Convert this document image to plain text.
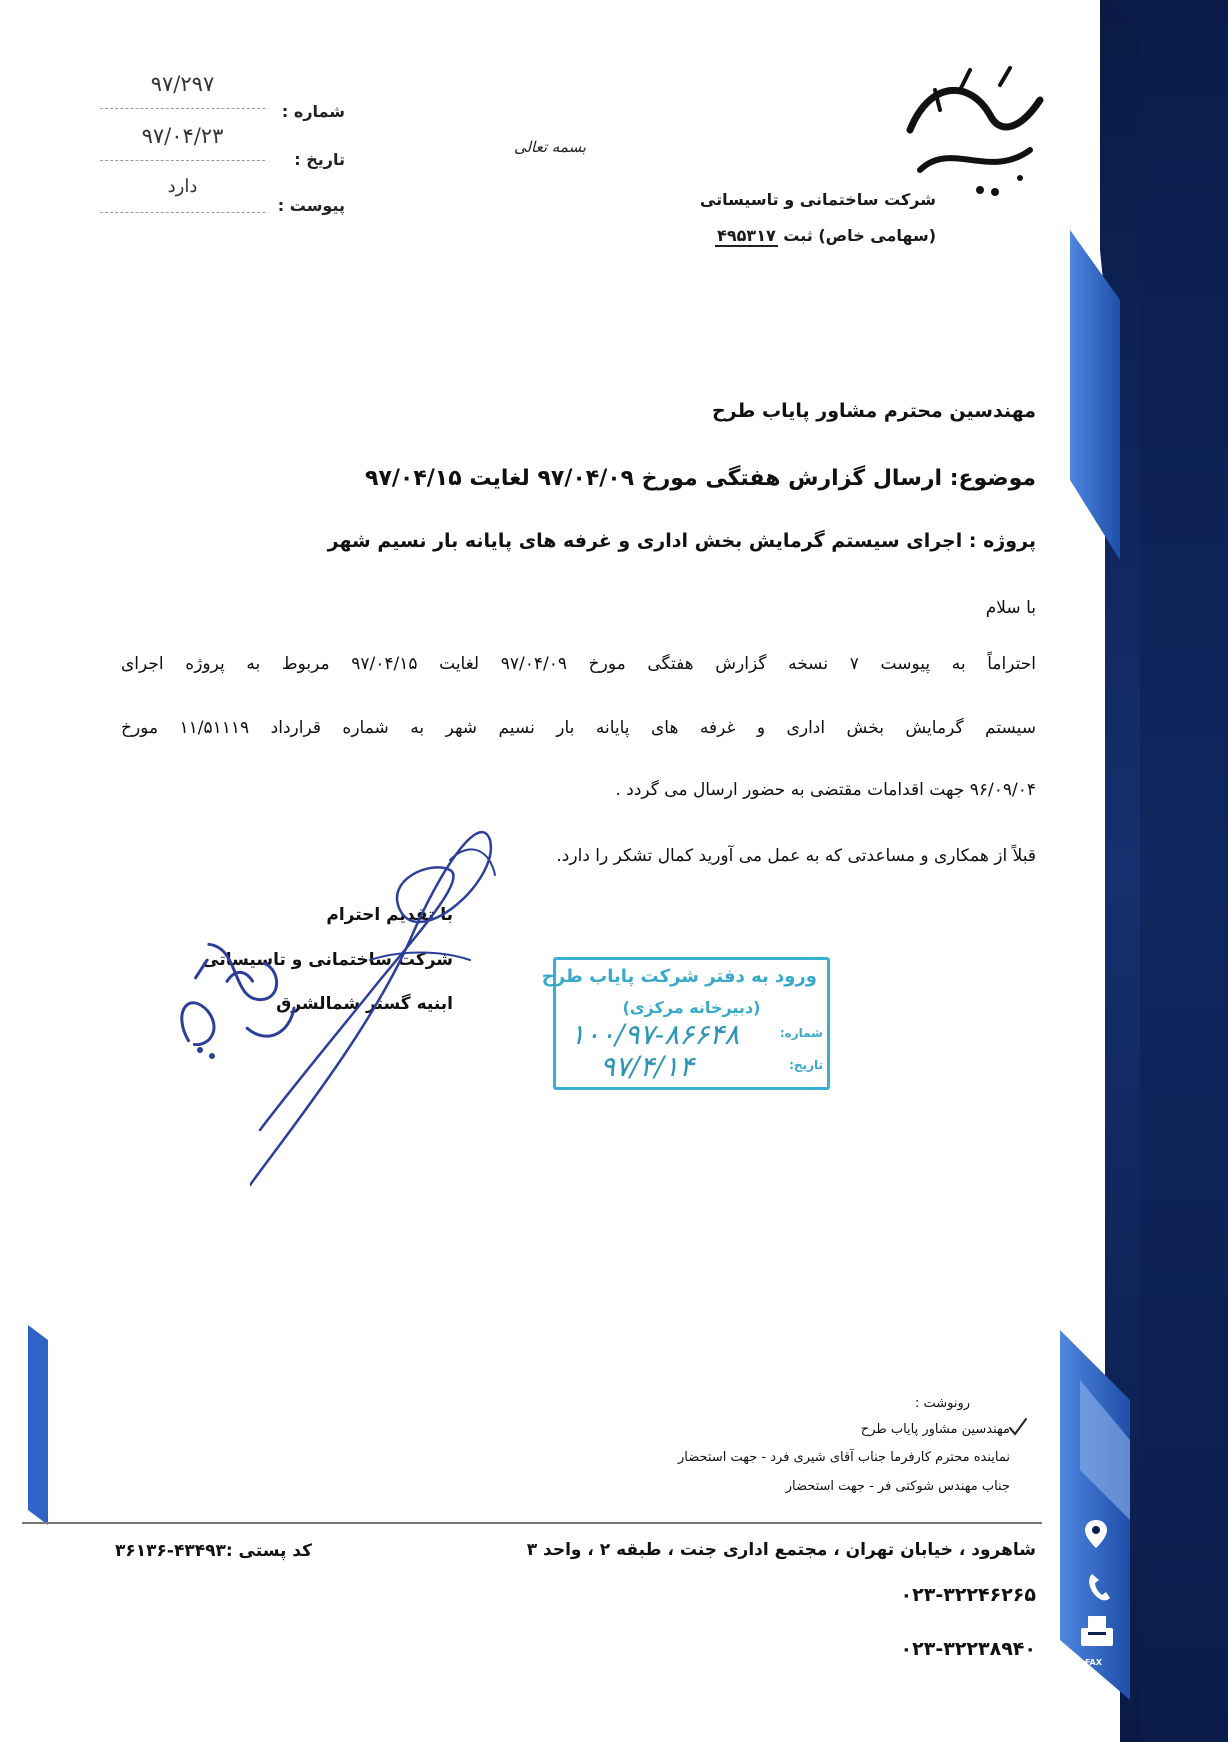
بسمه تعالی
شرکت ساختمانی و تاسیساتی
(سهامی خاص) ثبت ۴۹۵۳۱۷
۹۷/۲۹۷
شماره :
۹۷/۰۴/۲۳
تاریخ :
دارد
پیوست :
مهندسین محترم مشاور پایاب طرح
موضوع: ارسال گزارش هفتگی مورخ ۹۷/۰۴/۰۹ لغایت ۹۷/۰۴/۱۵
پروژه : اجرای سیستم گرمایش بخش اداری و غرفه های پایانه بار نسیم شهر
با سلام
احتراماً به پیوست ۷ نسخه گزارش هفتگی مورخ ۹۷/۰۴/۰۹ لغایت ۹۷/۰۴/۱۵ مربوط به پروژه اجرای
سیستم گرمایش بخش اداری و غرفه های پایانه بار نسیم شهر به شماره قرارداد ۱۱/۵۱۱۱۹ مورخ
۹۶/۰۹/۰۴ جهت اقدامات مقتضی به حضور ارسال می گردد .
قبلاً از همکاری و مساعدتی که به عمل می آورید کمال تشکر را دارد.
با تقدیم احترام
شرکت ساختمانی و تاسیساتی
ابنیه گستر شمالشرق
ورود به دفتر شرکت پایاب طرح
(دبیرخانه مرکزی)
شماره:
۱۰۰/۹۷-۸۶۶۴۸
تاریخ:
۹۷/۴/۱۴
رونوشت :
مهندسین مشاور پایاب طرح
نماینده محترم کارفرما جناب آقای شیری فرد - جهت استحضار
جناب مهندس شوکتی فر - جهت استحضار
شاهرود ، خیابان تهران ، مجتمع اداری جنت ، طبقه ۲ ، واحد ۳
کد پستی :۴۳۴۹۳-۳۶۱۳۶
۰۲۳-۳۲۲۴۶۲۶۵
۰۲۳-۳۲۲۳۸۹۴۰
FAX
